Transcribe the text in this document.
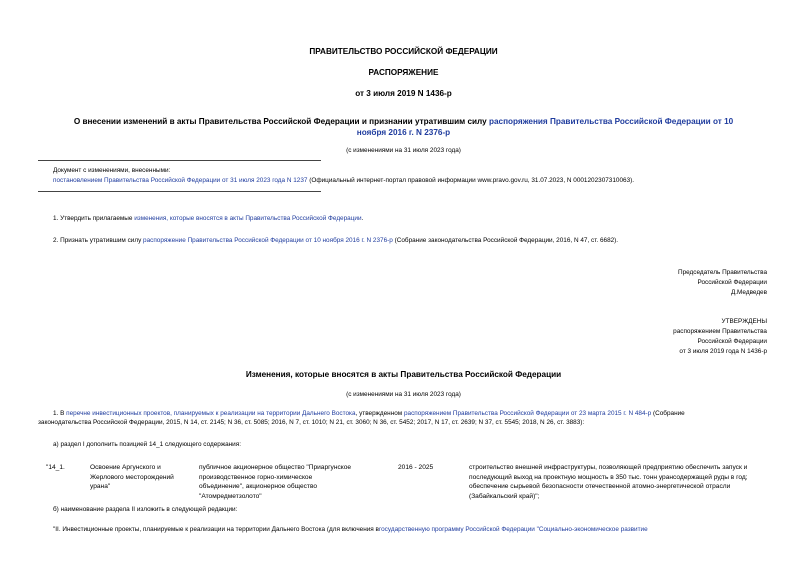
ПРАВИТЕЛЬСТВО РОССИЙСКОЙ ФЕДЕРАЦИИ
РАСПОРЯЖЕНИЕ
от 3 июля 2019 N 1436-р
О внесении изменений в акты Правительства Российской Федерации и признании утратившим силу распоряжения Правительства Российской Федерации от 10
ноября 2016 г. N 2376-р
(с изменениями на 31 июля 2023 года)
Документ с изменениями, внесенными:
постановлением Правительства Российской Федерации от 31 июля 2023 года N 1237 (Официальный интернет-портал правовой информации www.pravo.gov.ru, 31.07.2023, N 0001202307310063).
1. Утвердить прилагаемые изменения, которые вносятся в акты Правительства Российской Федерации.
2. Признать утратившим силу распоряжение Правительства Российской Федерации от 10 ноября 2016 г. N 2376-р (Собрание законодательства Российской Федерации, 2016, N 47, ст. 6682).
Председатель Правительства
Российской Федерации
Д.Медведев
УТВЕРЖДЕНЫ
распоряжением Правительства
Российской Федерации
от 3 июля 2019 года N 1436-р
Изменения, которые вносятся в акты Правительства Российской Федерации
(с изменениями на 31 июля 2023 года)
1. В перечне инвестиционных проектов, планируемых к реализации на территории Дальнего Востока, утвержденном распоряжением Правительства Российской Федерации от 23 марта 2015 г. N 484-р (Собрание
законодательства Российской Федерации, 2015, N 14, ст. 2145; N 36, ст. 5085; 2016, N 7, ст. 1010; N 21, ст. 3060; N 36, ст. 5452; 2017, N 17, ст. 2639; N 37, ст. 5545; 2018, N 26, ст. 3883):
а) раздел I дополнить позицией 14_1 следующего содержания:
"14_1.	Освоение Аргунского и Жерлового месторождений урана"
публичное акционерное общество "Приаргунское производственное горно-химическое объединение", акционерное общество "Атомредметзолото"
2016 - 2025	строительство внешней инфраструктуры, позволяющей предприятию обеспечить запуск и последующий выход на проектную мощность в 350 тыс. тонн урансодержащей руды в год; обеспечение сырьевой безопасности отечественной атомно-энергетической отрасли (Забайкальский край)";
б) наименование раздела II изложить в следующей редакции:
"II. Инвестиционные проекты, планируемые к реализации на территории Дальнего Востока (для включения вгосударственную программу Российской Федерации "Социально-экономическое развитие
